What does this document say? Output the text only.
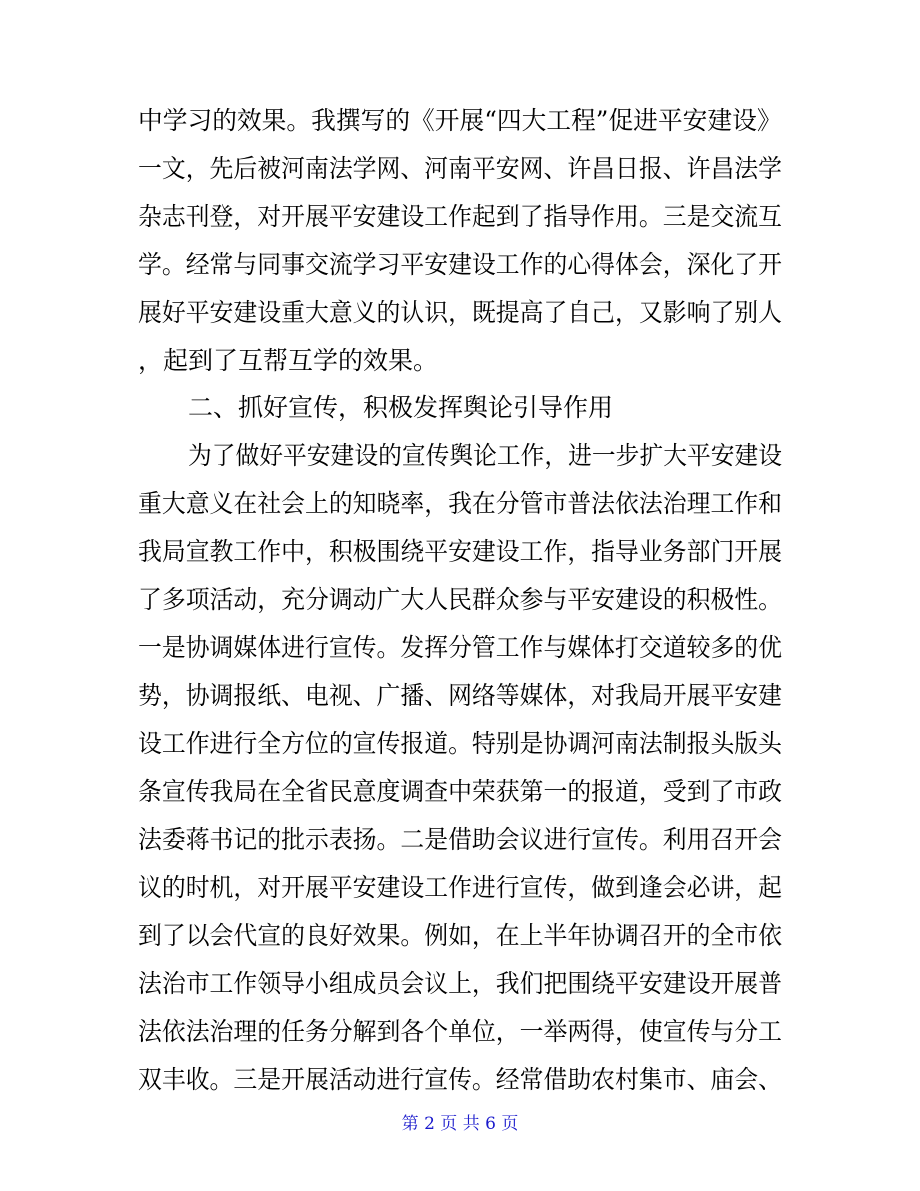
中学习的效果。我撰写的《开展“四大工程”促进平安建设》
一文，先后被河南法学网、河南平安网、许昌日报、许昌法学
杂志刊登，对开展平安建设工作起到了指导作用。三是交流互
学。经常与同事交流学习平安建设工作的心得体会，深化了开
展好平安建设重大意义的认识，既提高了自己，又影响了别人
，起到了互帮互学的效果。
二、抓好宣传，积极发挥舆论引导作用
为了做好平安建设的宣传舆论工作，进一步扩大平安建设
重大意义在社会上的知晓率，我在分管市普法依法治理工作和
我局宣教工作中，积极围绕平安建设工作，指导业务部门开展
了多项活动，充分调动广大人民群众参与平安建设的积极性。
一是协调媒体进行宣传。发挥分管工作与媒体打交道较多的优
势，协调报纸、电视、广播、网络等媒体，对我局开展平安建
设工作进行全方位的宣传报道。特别是协调河南法制报头版头
条宣传我局在全省民意度调查中荣获第一的报道，受到了市政
法委蒋书记的批示表扬。二是借助会议进行宣传。利用召开会
议的时机，对开展平安建设工作进行宣传，做到逢会必讲，起
到了以会代宣的良好效果。例如，在上半年协调召开的全市依
法治市工作领导小组成员会议上，我们把围绕平安建设开展普
法依法治理的任务分解到各个单位，一举两得，使宣传与分工
双丰收。三是开展活动进行宣传。经常借助农村集市、庙会、
第 2 页 共 6 页
